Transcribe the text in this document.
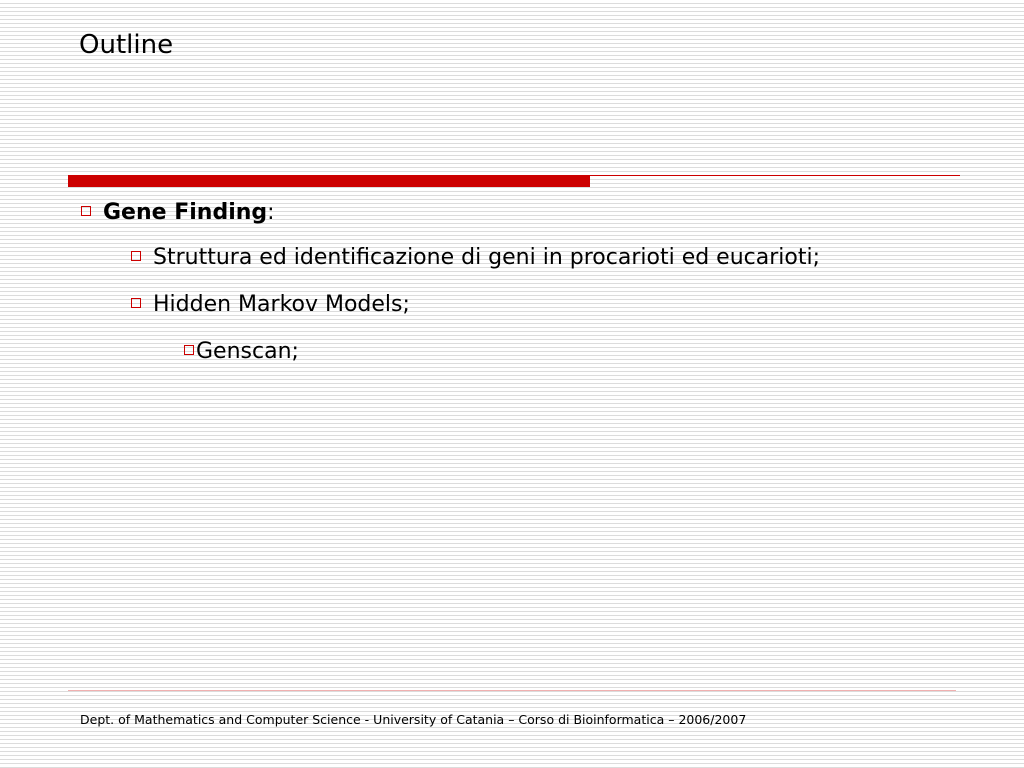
Outline
Gene Finding:
Struttura ed identificazione di geni in procarioti ed eucarioti;
Hidden Markov Models;
Genscan;
Dept. of Mathematics and Computer Science - University of Catania – Corso di Bioinformatica – 2006/2007
